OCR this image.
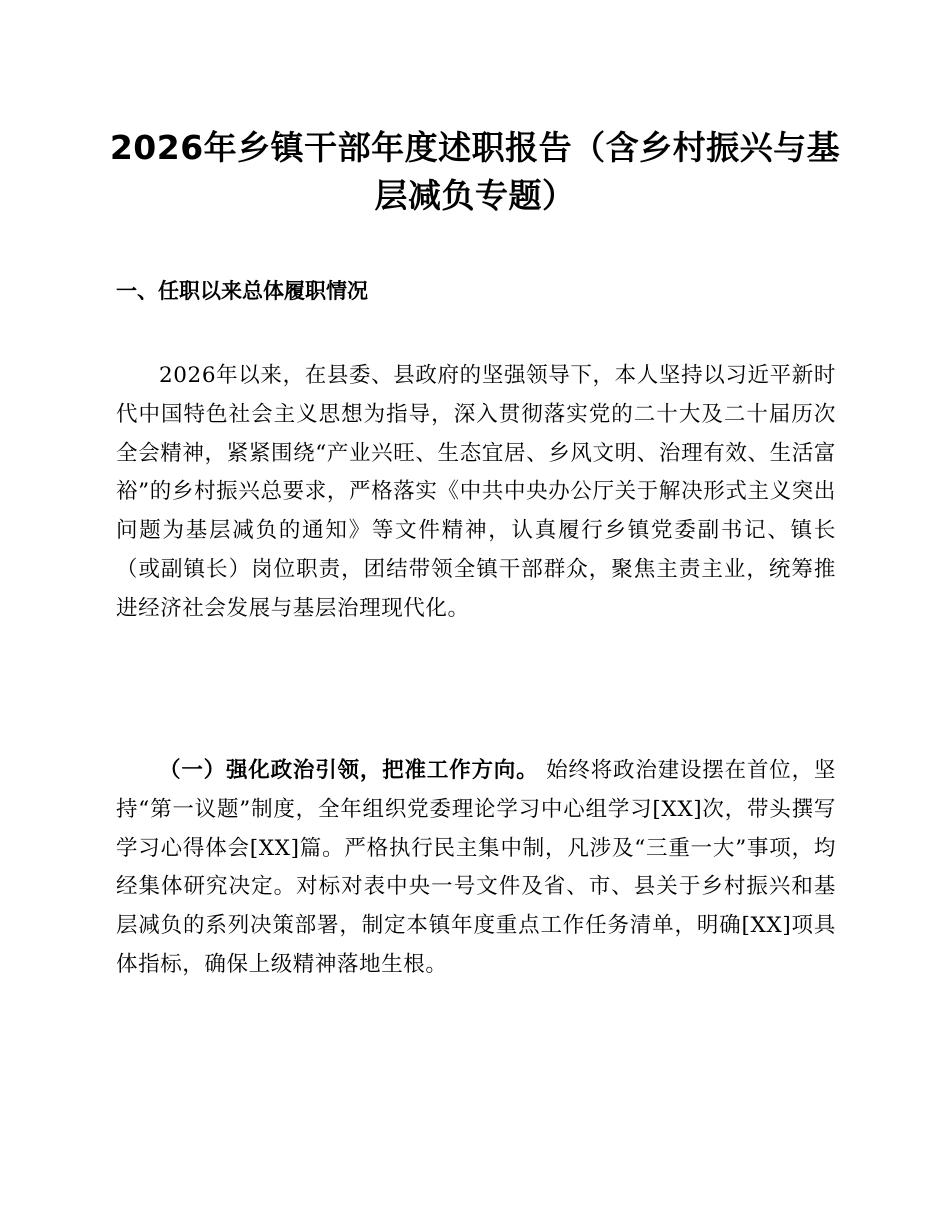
2026年乡镇干部年度述职报告（含乡村振兴与基层减负专题）
一、任职以来总体履职情况

2026年以来，在县委、县政府的坚强领导下，本人坚持以习近平新时代中国特色社会主义思想为指导，深入贯彻落实党的二十大及二十届历次全会精神，紧紧围绕“产业兴旺、生态宜居、乡风文明、治理有效、生活富裕”的乡村振兴总要求，严格落实《中共中央办公厅关于解决形式主义突出问题为基层减负的通知》等文件精神，认真履行乡镇党委副书记、镇长（或副镇长）岗位职责，团结带领全镇干部群众，聚焦主责主业，统筹推进经济社会发展与基层治理现代化。

（一）强化政治引领，把准工作方向。 始终将政治建设摆在首位，坚持“第一议题”制度，全年组织党委理论学习中心组学习[XX]次，带头撰写学习心得体会[XX]篇。严格执行民主集中制，凡涉及“三重一大”事项，均经集体研究决定。对标对表中央一号文件及省、市、县关于乡村振兴和基层减负的系列决策部署，制定本镇年度重点工作任务清单，明确[XX]项具体指标，确保上级精神落地生根。
